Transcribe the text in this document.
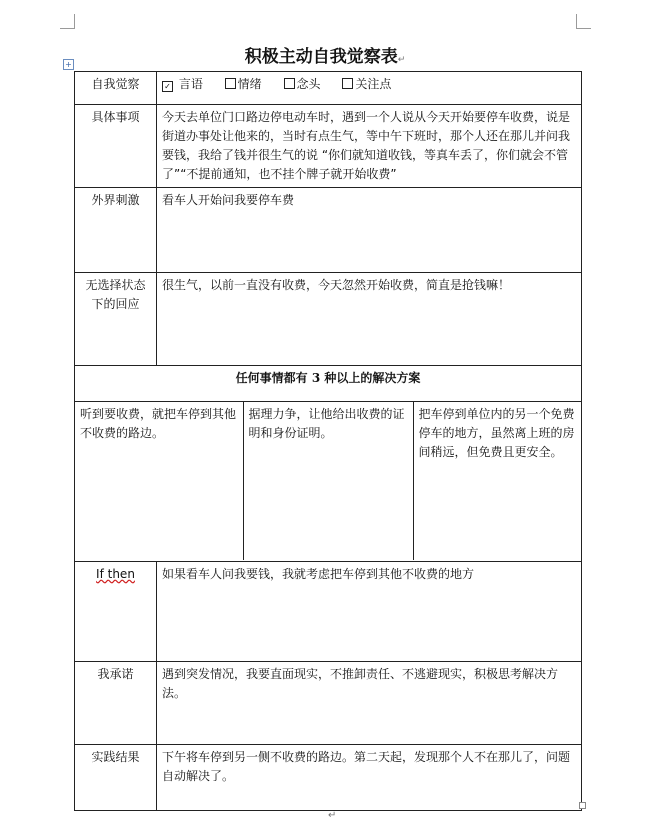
积极主动自我觉察表↵
+
自我觉察	✓ 言语	情绪	念头	关注点
具体事项	今天去单位门口路边停电动车时，遇到一个人说从今天开始要停车收费，说是街道办事处让他来的，当时有点生气，等中午下班时，那个人还在那儿并问我要钱，我给了钱并很生气的说 “你们就知道收钱，等真车丢了，你们就会不管了”“不提前通知，也不挂个牌子就开始收费”
外界刺激	看车人开始问我要停车费
无选择状态下的回应	很生气，以前一直没有收费，今天忽然开始收费，简直是抢钱嘛！
任何事情都有 3 种以上的解决方案

听到要收费，就把车停到其他不收费的路边。	据理力争，让他给出收费的证明和身份证明。	把车停到单位内的另一个免费停车的地方，虽然离上班的房间稍远，但免费且更安全。

If then	如果看车人问我要钱，我就考虑把车停到其他不收费的地方
我承诺	遇到突发情况，我要直面现实，不推卸责任、不逃避现实，积极思考解决方法。
实践结果	下午将车停到另一侧不收费的路边。第二天起，发现那个人不在那儿了，问题自动解决了。
↵
